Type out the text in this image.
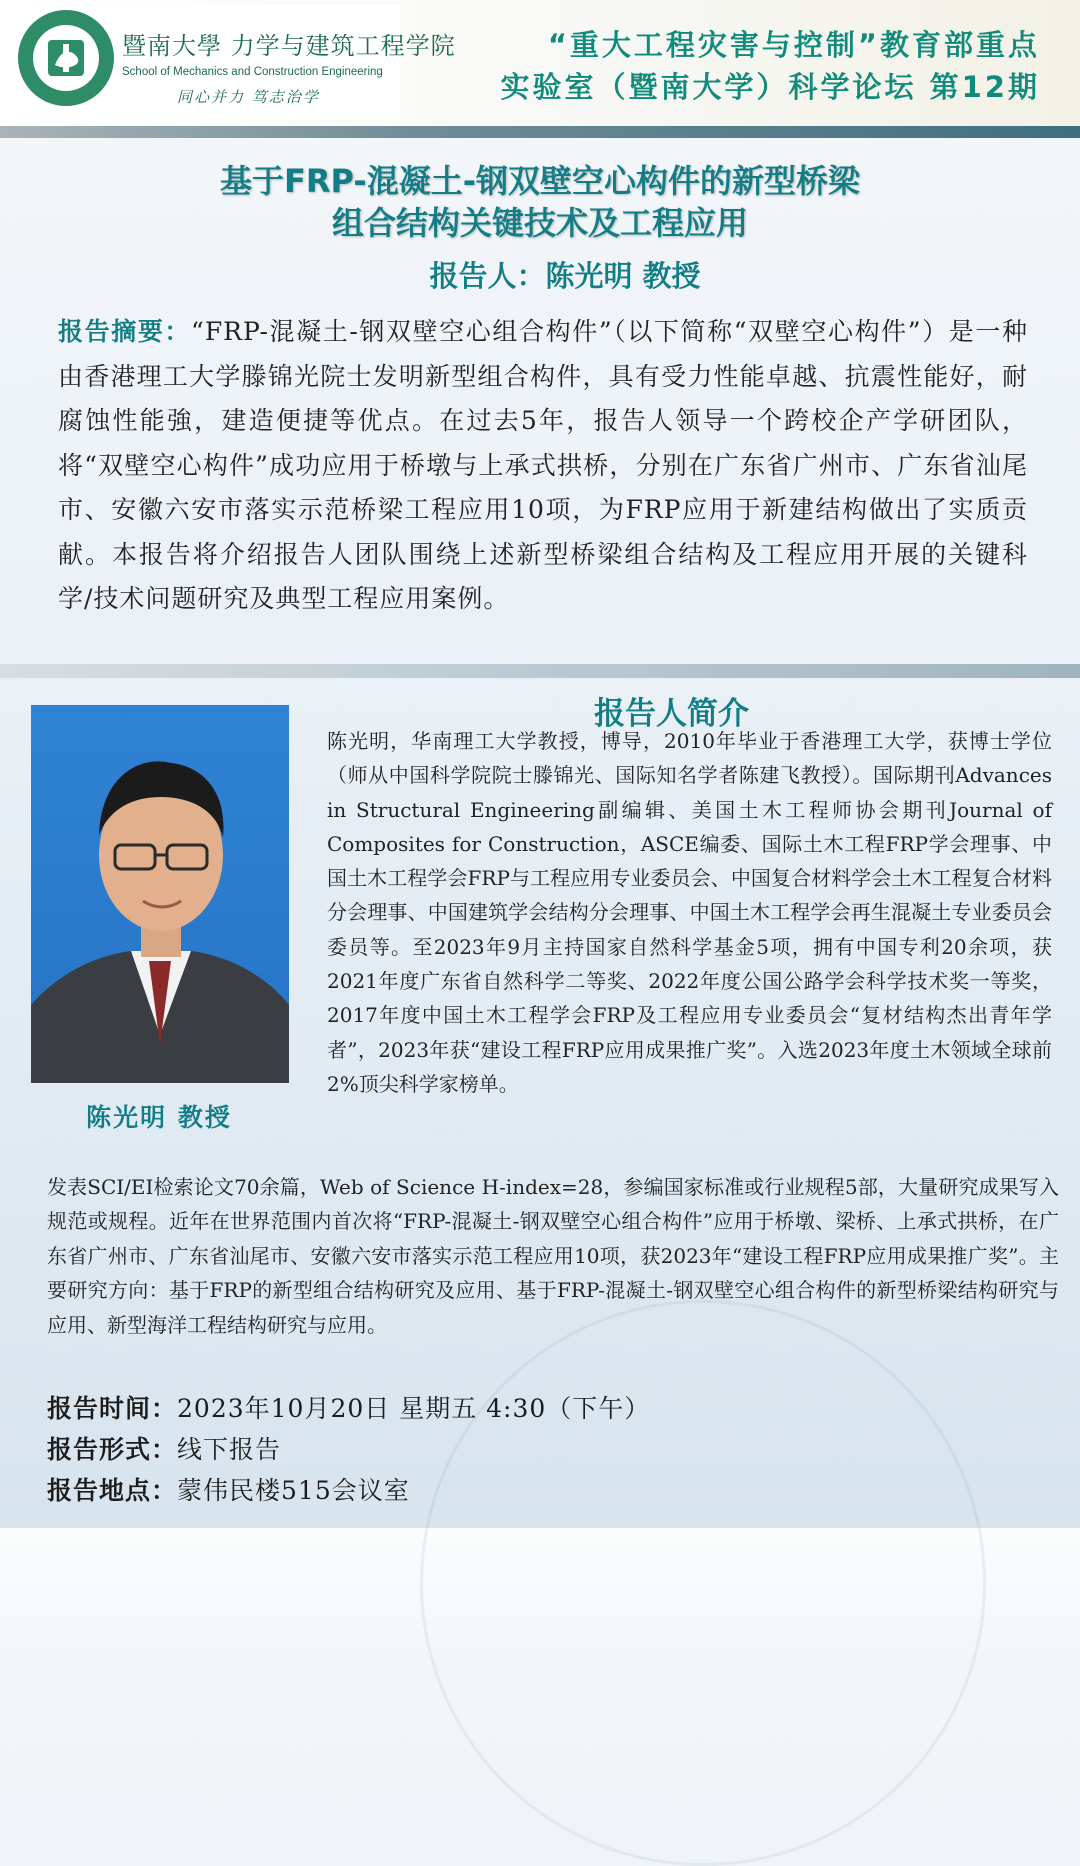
暨南大學 力学与建筑工程学院
School of Mechanics and Construction Engineering
同心并力 笃志治学
“重大工程灾害与控制”教育部重点
实验室（暨南大学）科学论坛 第12期
基于FRP-混凝土-钢双壁空心构件的新型桥梁
组合结构关键技术及工程应用
报告人：陈光明 教授
报告摘要：“FRP-混凝土-钢双壁空心组合构件”（以下简称“双壁空心构件”）是一种由香港理工大学滕锦光院士发明新型组合构件，具有受力性能卓越、抗震性能好，耐腐蚀性能強，建造便捷等优点。在过去5年，报告人领导一个跨校企产学研团队，将“双壁空心构件”成功应用于桥墩与上承式拱桥，分别在广东省广州市、广东省汕尾市、安徽六安市落实示范桥梁工程应用10项，为FRP应用于新建结构做出了实质贡献。本报告将介绍报告人团队围绕上述新型桥梁组合结构及工程应用开展的关键科学/技术问题研究及典型工程应用案例。
报告人简介
陈光明 教授
陈光明，华南理工大学教授，博导，2010年毕业于香港理工大学，获博士学位（师从中国科学院院士滕锦光、国际知名学者陈建飞教授）。国际期刊Advances in Structural Engineering副编辑、美国土木工程师协会期刊Journal of Composites for Construction，ASCE编委、国际土木工程FRP学会理事、中国土木工程学会FRP与工程应用专业委员会、中国复合材料学会土木工程复合材料分会理事、中国建筑学会结构分会理事、中国土木工程学会再生混凝土专业委员会委员等。至2023年9月主持国家自然科学基金5项，拥有中国专利20余项，获2021年度广东省自然科学二等奖、2022年度公国公路学会科学技术奖一等奖，2017年度中国土木工程学会FRP及工程应用专业委员会“复材结构杰出青年学者”，2023年获“建设工程FRP应用成果推广奖”。入选2023年度土木领域全球前2%顶尖科学家榜单。
发表SCI/EI检索论文70余篇，Web of Science H-index=28，参编国家标准或行业规程5部，大量研究成果写入规范或规程。近年在世界范围内首次将“FRP-混凝土-钢双壁空心组合构件”应用于桥墩、梁桥、上承式拱桥，在广东省广州市、广东省汕尾市、安徽六安市落实示范工程应用10项，获2023年“建设工程FRP应用成果推广奖”。主要研究方向：基于FRP的新型组合结构研究及应用、基于FRP-混凝土-钢双壁空心组合构件的新型桥梁结构研究与应用、新型海洋工程结构研究与应用。
报告时间：2023年10月20日 星期五 4:30（下午）
报告形式：线下报告
报告地点：蒙伟民楼515会议室
